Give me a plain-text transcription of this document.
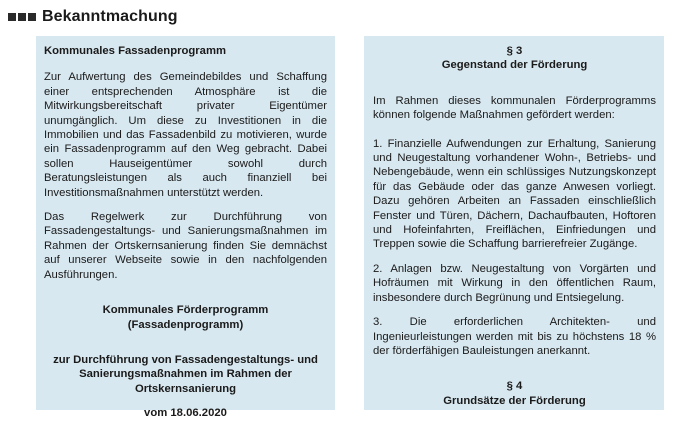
Bekanntmachung

Kommunales Fassadenprogramm

Zur Aufwertung des Gemeindebildes und Schaffung einer entsprechenden Atmosphäre ist die Mitwirkungsbereitschaft privater Eigentümer unumgänglich. Um diese zu Investitionen in die Immobilien und das Fassadenbild zu motivieren, wurde ein Fassadenprogramm auf den Weg gebracht. Dabei sollen Hauseigentümer sowohl durch Beratungsleistungen als auch finanziell bei Investitionsmaßnahmen unterstützt werden.

Das Regelwerk zur Durchführung von Fassadengestaltungs- und Sanierungsmaßnahmen im Rahmen der Ortskernsanierung finden Sie demnächst auf unserer Webseite sowie in den nachfolgenden Ausführungen.

Kommunales Förderprogramm

(Fassadenprogramm)

zur Durchführung von Fassadengestaltungs- und Sanierungsmaßnahmen im Rahmen der Ortskernsanierung

vom 18.06.2020

§ 3

Gegenstand der Förderung

Im Rahmen dieses kommunalen Förderprogramms können folgende Maßnahmen gefördert werden:

1. Finanzielle Aufwendungen zur Erhaltung, Sanierung und Neugestaltung vorhandener Wohn-, Betriebs- und Nebengebäude, wenn ein schlüssiges Nutzungskonzept für das Gebäude oder das ganze Anwesen vorliegt. Dazu gehören Arbeiten an Fassaden einschließlich Fenster und Türen, Dächern, Dachaufbauten, Hoftoren und Hofeinfahrten, Freiflächen, Einfriedungen und Treppen sowie die Schaffung barrierefreier Zugänge.

2. Anlagen bzw. Neugestaltung von Vorgärten und Hofräumen mit Wirkung in den öffentlichen Raum, insbesondere durch Begrünung und Entsiegelung.

3. Die erforderlichen Architekten- und Ingenieurleistungen werden mit bis zu höchstens 18 % der förderfähigen Bauleistungen anerkannt.

§ 4

Grundsätze der Förderung
